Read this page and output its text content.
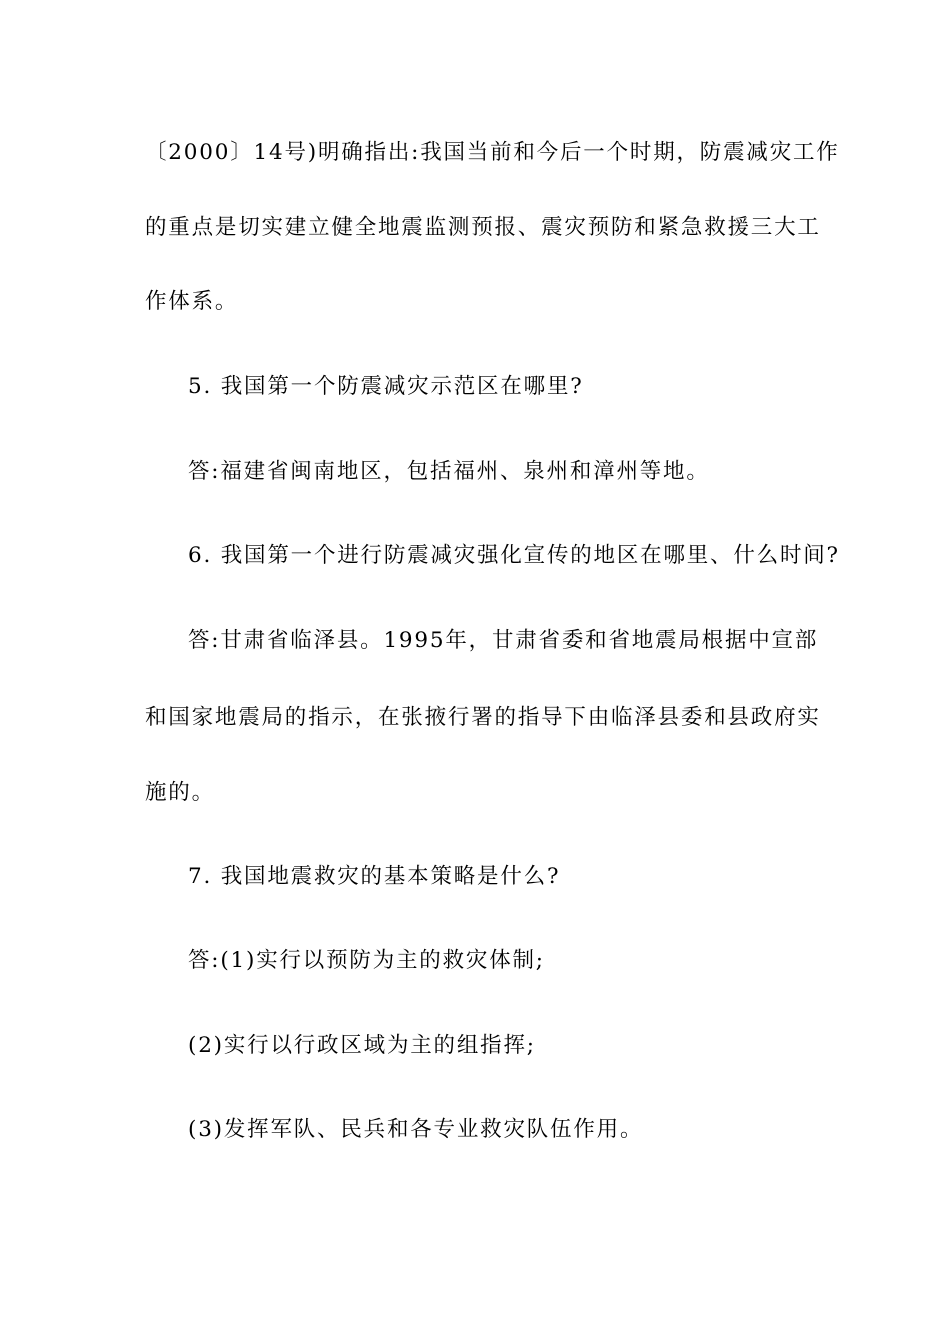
〔2000〕14号)明确指出:我国当前和今后一个时期，防震减灾工作
的重点是切实建立健全地震监测预报、震灾预防和紧急救援三大工
作体系。
5. 我国第一个防震减灾示范区在哪里?
答:福建省闽南地区，包括福州、泉州和漳州等地。
6. 我国第一个进行防震减灾强化宣传的地区在哪里、什么时间?
答:甘肃省临泽县。1995年，甘肃省委和省地震局根据中宣部
和国家地震局的指示，在张掖行署的指导下由临泽县委和县政府实
施的。
7. 我国地震救灾的基本策略是什么?
答:(1)实行以预防为主的救灾体制;
(2)实行以行政区域为主的组指挥;
(3)发挥军队、民兵和各专业救灾队伍作用。
